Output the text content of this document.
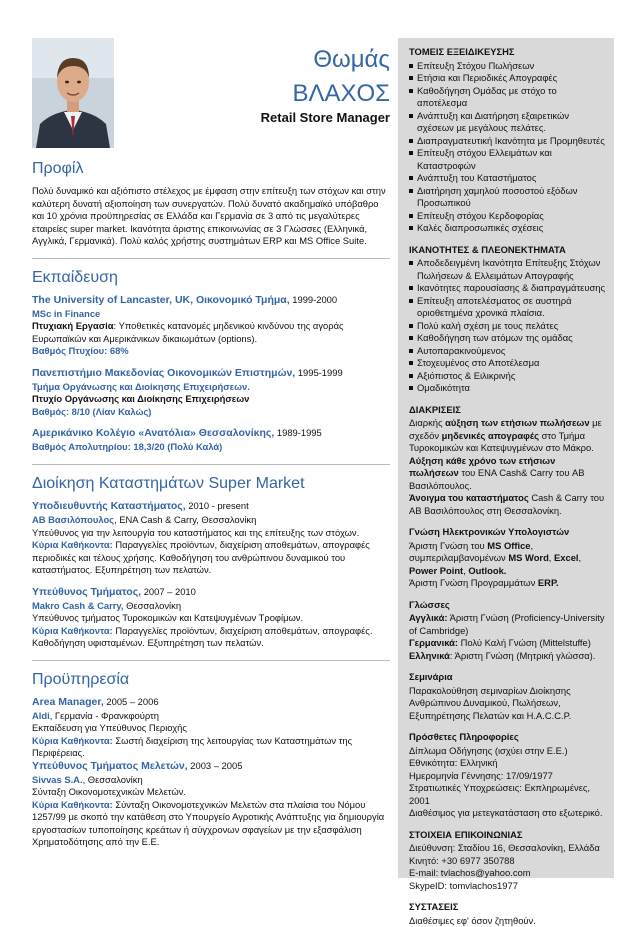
Θωμάς
ΒΛΑΧΟΣ
Retail Store Manager
Προφίλ
Πολύ δυναμικό και αξιόπιστο στέλεχος με έμφαση στην επίτευξη των στόχων και στην καλύτερη δυνατή αξιοποίηση των συνεργατών. Πολύ δυνατό ακαδημαϊκό υπόβαθρο και 10 χρόνια προϋπηρεσίας σε Ελλάδα και Γερμανία σε 3 από τις μεγαλύτερες εταιρείες super market. Ικανότητα άριστης επικοινωνίας σε 3 Γλώσσες (Ελληνικά, Αγγλικά, Γερμανικά). Πολύ καλός χρήστης συστημάτων ERP και MS Office Suite.
Εκπαίδευση
The University of Lancaster, UK, Οικονομικό Τμήμα, 1999-2000
MSc in Finance
Πτυχιακή Εργασία: Υποθετικές κατανομές μηδενικού κινδύνου της αγοράς Ευρωπαϊκών και Αμερικάνικων δικαιωμάτων (options).
Βαθμός Πτυχίου: 68%
Πανεπιστήμιο Μακεδονίας Οικονομικών Επιστημών, 1995-1999
Τμήμα Οργάνωσης και Διοίκησης Επιχειρήσεων.
Πτυχίο Οργάνωσης και Διοίκησης Επιχειρήσεων
Βαθμός: 8/10 (Λίαν Καλώς)
Αμερικάνικο Κολέγιο «Ανατόλια» Θεσσαλονίκης, 1989-1995
Βαθμός Απολυτηρίου: 18,3/20 (Πολύ Καλά)
Διοίκηση Καταστημάτων Super Market
Υποδιευθυντής Καταστήματος, 2010 - present
AB Βασιλόπουλος, ENA Cash & Carry, Θεσσαλονίκη
Υπεύθυνος για την λειτουργία του καταστήματος και της επίτευξης των στόχων.
Κύρια Καθήκοντα: Παραγγελίες προϊόντων, διαχείριση αποθεμάτων, απογραφές περιοδικές και τέλους χρήσης. Καθοδήγηση του ανθρώπινου δυναμικού του καταστήματος. Εξυπηρέτηση των πελατών.
Υπεύθυνος Τμήματος, 2007 – 2010
Makro Cash & Carry, Θεσσαλονίκη
Υπεύθυνος τμήματος Τυροκομικών και Κατεψυγμένων Τροφίμων.
Κύρια Καθήκοντα: Παραγγελίες προϊόντων, διαχείριση αποθεμάτων, απογραφές. Καθοδήγηση υφισταμένων. Εξυπηρέτηση των πελατών.
Προϋπηρεσία
Area Manager, 2005 – 2006
Aldi, Γερμανία - Φρανκφούρτη
Εκπαίδευση για Υπεύθυνος Περιοχής
Κύρια Καθήκοντα: Σωστή διαχείριση της λειτουργίας των Καταστημάτων της Περιφέρειας.
Υπεύθυνος Τμήματος Μελετών, 2003 – 2005
Sivvas S.A., Θεσσαλονίκη
Σύνταξη Οικονομοτεχνικών Μελετών.
Κύρια Καθήκοντα: Σύνταξη Οικονομοτεχνικών Μελετών στα πλαίσια του Νόμου 1257/99 με σκοπό την κατάθεση στο Υπουργείο Αγροτικής Ανάπτυξης για δημιουργία εργοστασίων τυποποίησης κρεάτων ή σύγχρονων σφαγείων με την εξασφάλιση Χρηματοδότησης από την Ε.Ε.
ΤΟΜΕΙΣ ΕΞΕΙΔΙΚΕΥΣΗΣ
Επίτευξη Στόχου Πωλήσεων
Ετήσια και Περιοδικές Απογραφές
Καθοδήγηση Ομάδας με στόχο το αποτέλεσμα
Ανάπτυξη και Διατήρηση εξαιρετικών σχέσεων με μεγάλους πελάτες.
Διαπραγματευτική Ικανότητα με Προμηθευτές
Επίτευξη στόχου Ελλειμάτων και Καταστροφών
Ανάπτυξη του Καταστήματος
Διατήρηση χαμηλού ποσοστού εξόδων Προσωπικού
Επίτευξη στόχου Κερδοφορίας
Καλές διαπροσωπικές σχέσεις
ΙΚΑΝΟΤΗΤΕΣ & ΠΛΕΟΝΕΚΤΗΜΑΤΑ
Αποδεδειγμένη Ικανότητα Επίτευξης Στόχων Πωλήσεων & Ελλειμάτων Απογραφής
Ικανότητες παρουσίασης & διαπραγμάτευσης
Επίτευξη αποτελέσματος σε αυστηρά οριοθετημένα χρονικά πλαίσια.
Πολύ καλή σχέση με τους πελάτες
Καθοδήγηση των ατόμων της ομάδας
Αυτοπαρακινούμενος
Στοχευμένος στο Αποτέλεσμα
Αξιόπιστος & Ειλικρινής
Ομαδικότητα
ΔΙΑΚΡΙΣΕΙΣ
Διαρκής αύξηση των ετήσιων πωλήσεων με σχεδόν μηδενικές απογραφές στο Τμήμα Τυροκομικών και Κατεψυγμένων στο Μάκρο.
Αύξηση κάθε χρόνο των ετήσιων πωλήσεων του ENA Cash& Carry του AB Βασιλόπουλος.
Άνοιγμα του καταστήματος Cash & Carry του AB Βασιλόπουλος στη Θεσσαλονίκη.
Γνώση Ηλεκτρονικών Υπολογιστών
Άριστη Γνώση του MS Office, συμπεριλαμβανομένων MS Word, Excel, Power Point, Outlook.
Άριστη Γνώση Προγραμμάτων ERP.
Γλώσσες
Αγγλικά: Άριστη Γνώση (Proficiency-University of Cambridge)
Γερμανικά: Πολύ Καλή Γνώση (Mittelstuffe)
Ελληνικά: Άριστη Γνώση (Μητρική γλώσσα).
Σεμινάρια
Παρακολούθηση σεμιναρίων Διοίκησης Ανθρώπινου Δυναμικού, Πωλήσεων, Εξυπηρέτησης Πελατών και H.A.C.C.P.
Πρόσθετες Πληροφορίες
Δίπλωμα Οδήγησης (ισχύει στην Ε.Ε.)
Εθνικότητα: Ελληνική
Ημερομηνία Γέννησης: 17/09/1977
Στρατιωτικές Υποχρεώσεις: Εκπληρωμένες, 2001
Διαθέσιμος για μετεγκατάσταση στο εξωτερικό.
ΣΤΟΙΧΕΙΑ ΕΠΙΚΟΙΝΩΝΙΑΣ
Διεύθυνση: Σταδίου 16, Θεσσαλονίκη, Ελλάδα
Κινητό: +30 6977 350788
E-mail: tvlachos@yahoo.com
SkypeID: tomvlachos1977
ΣΥΣΤΑΣΕΙΣ
Διαθέσιμες εφ' όσον ζητηθούν.
